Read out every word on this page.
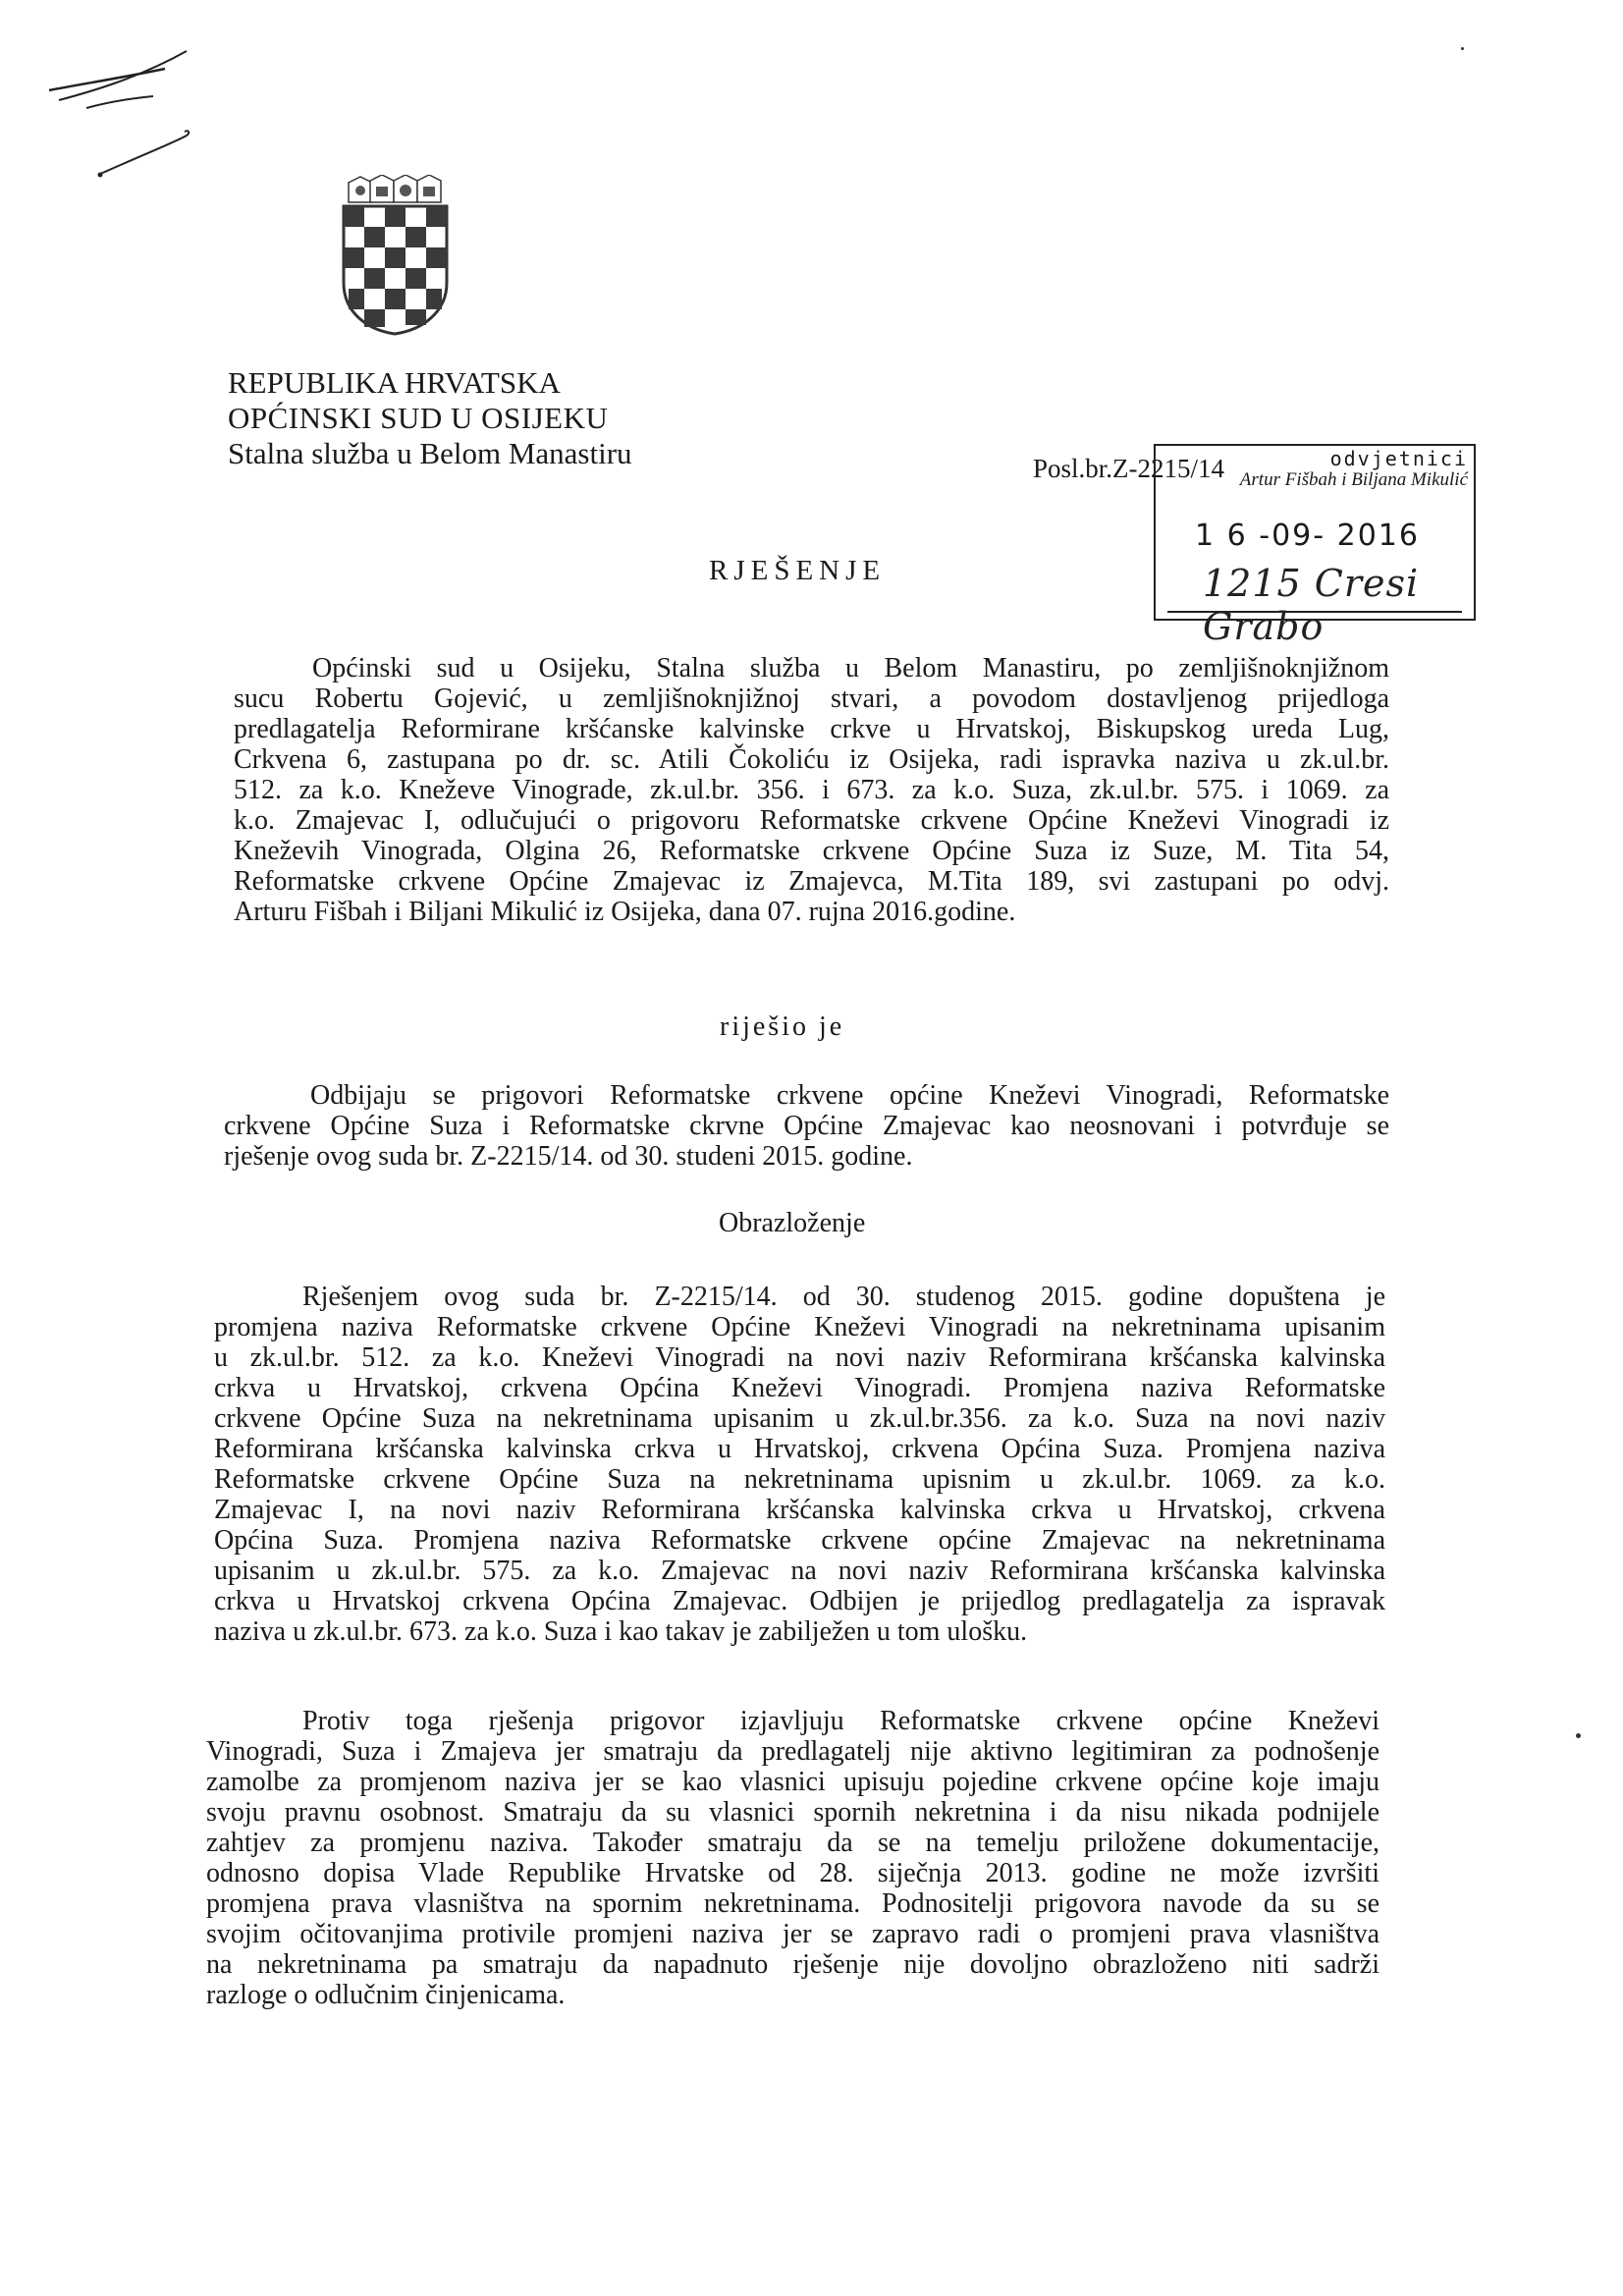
REPUBLIKA HRVATSKA
OPĆINSKI SUD U OSIJEKU
Stalna služba u Belom Manastiru	Posl.br.Z-2215/14	odvjetnici
Artur Fišbah i Biljana Mikulić
1 6 -09- 2016
1215 Cresi Grabo
RJEŠENJE
Općinski sud u Osijeku, Stalna služba u Belom Manastiru, po zemljišnoknjižnom
sucu Robertu Gojević, u zemljišnoknjižnoj stvari, a povodom dostavljenog prijedloga
predlagatelja Reformirane kršćanske kalvinske crkve u Hrvatskoj, Biskupskog ureda Lug,
Crkvena 6, zastupana po dr. sc. Atili Čokoliću iz Osijeka, radi ispravka naziva u zk.ul.br.
512. za k.o. Kneževe Vinograde, zk.ul.br. 356. i 673. za k.o. Suza, zk.ul.br. 575. i 1069. za
k.o. Zmajevac I, odlučujući o prigovoru Reformatske crkvene Općine Kneževi Vinogradi iz
Kneževih Vinograda, Olgina 26, Reformatske crkvene Općine Suza iz Suze, M. Tita 54,
Reformatske crkvene Općine Zmajevac iz Zmajevca, M.Tita 189, svi zastupani po odvj.
Arturu Fišbah i Biljani Mikulić iz Osijeka, dana 07. rujna 2016.godine.
riješio je
Odbijaju se prigovori Reformatske crkvene općine Kneževi Vinogradi, Reformatske
crkvene Općine Suza i Reformatske ckrvne Općine Zmajevac kao neosnovani i potvrđuje se
rješenje ovog suda br. Z-2215/14. od 30. studeni 2015. godine.
Obrazloženje
Rješenjem ovog suda br. Z-2215/14. od 30. studenog 2015. godine dopuštena je
promjena naziva Reformatske crkvene Općine Kneževi Vinogradi na nekretninama upisanim
u zk.ul.br. 512. za k.o. Kneževi Vinogradi na novi naziv Reformirana kršćanska kalvinska
crkva u Hrvatskoj, crkvena Općina Kneževi Vinogradi. Promjena naziva Reformatske
crkvene Općine Suza na nekretninama upisanim u zk.ul.br.356. za k.o. Suza na novi naziv
Reformirana kršćanska kalvinska crkva u Hrvatskoj, crkvena Općina Suza. Promjena naziva
Reformatske crkvene Općine Suza na nekretninama upisnim u zk.ul.br. 1069. za k.o.
Zmajevac I, na novi naziv Reformirana kršćanska kalvinska crkva u Hrvatskoj, crkvena
Općina Suza. Promjena naziva Reformatske crkvene općine Zmajevac na nekretninama
upisanim u zk.ul.br. 575. za k.o. Zmajevac na novi naziv Reformirana kršćanska kalvinska
crkva u Hrvatskoj crkvena Općina Zmajevac. Odbijen je prijedlog predlagatelja za ispravak
naziva u zk.ul.br. 673. za k.o. Suza i kao takav je zabilježen u tom ulošku.
Protiv toga rješenja prigovor izjavljuju Reformatske crkvene općine Kneževi
Vinogradi, Suza i Zmajeva jer smatraju da predlagatelj nije aktivno legitimiran za podnošenje
zamolbe za promjenom naziva jer se kao vlasnici upisuju pojedine crkvene općine koje imaju
svoju pravnu osobnost. Smatraju da su vlasnici spornih nekretnina i da nisu nikada podnijele
zahtjev za promjenu naziva. Također smatraju da se na temelju priložene dokumentacije,
odnosno dopisa Vlade Republike Hrvatske od 28. siječnja 2013. godine ne može izvršiti
promjena prava vlasništva na spornim nekretninama. Podnositelji prigovora navode da su se
svojim očitovanjima protivile promjeni naziva jer se zapravo radi o promjeni prava vlasništva
na nekretninama pa smatraju da napadnuto rješenje nije dovoljno obrazloženo niti sadrži
razloge o odlučnim činjenicama.
